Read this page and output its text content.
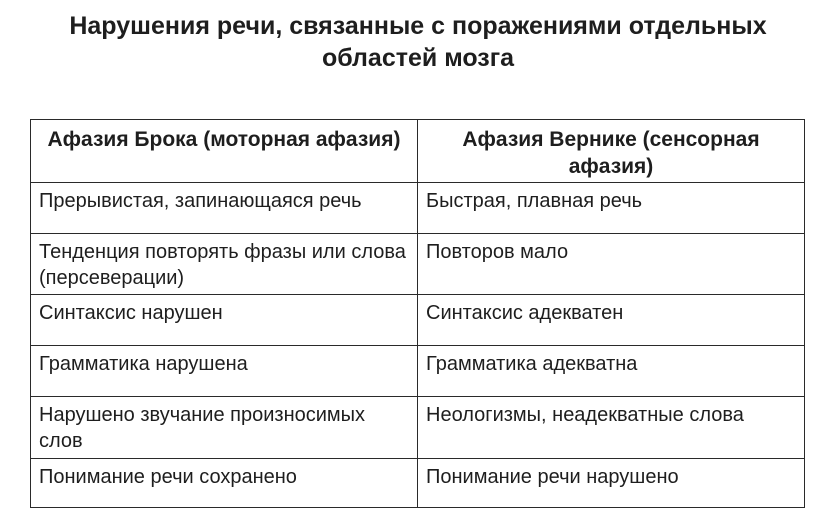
Нарушения речи, связанные с поражениями отдельных
областей мозга
Афазия Брока (моторная афазия)	Афазия Вернике (сенсорная афазия)
Прерывистая, запинающаяся речь	Быстрая, плавная речь
Тенденция повторять фразы или слова (персеверации)	Повторов мало
Синтаксис нарушен	Синтаксис адекватен
Грамматика нарушена	Грамматика адекватна
Нарушено звучание произносимых слов	Неологизмы, неадекватные слова
Понимание речи сохранено	Понимание речи нарушено
